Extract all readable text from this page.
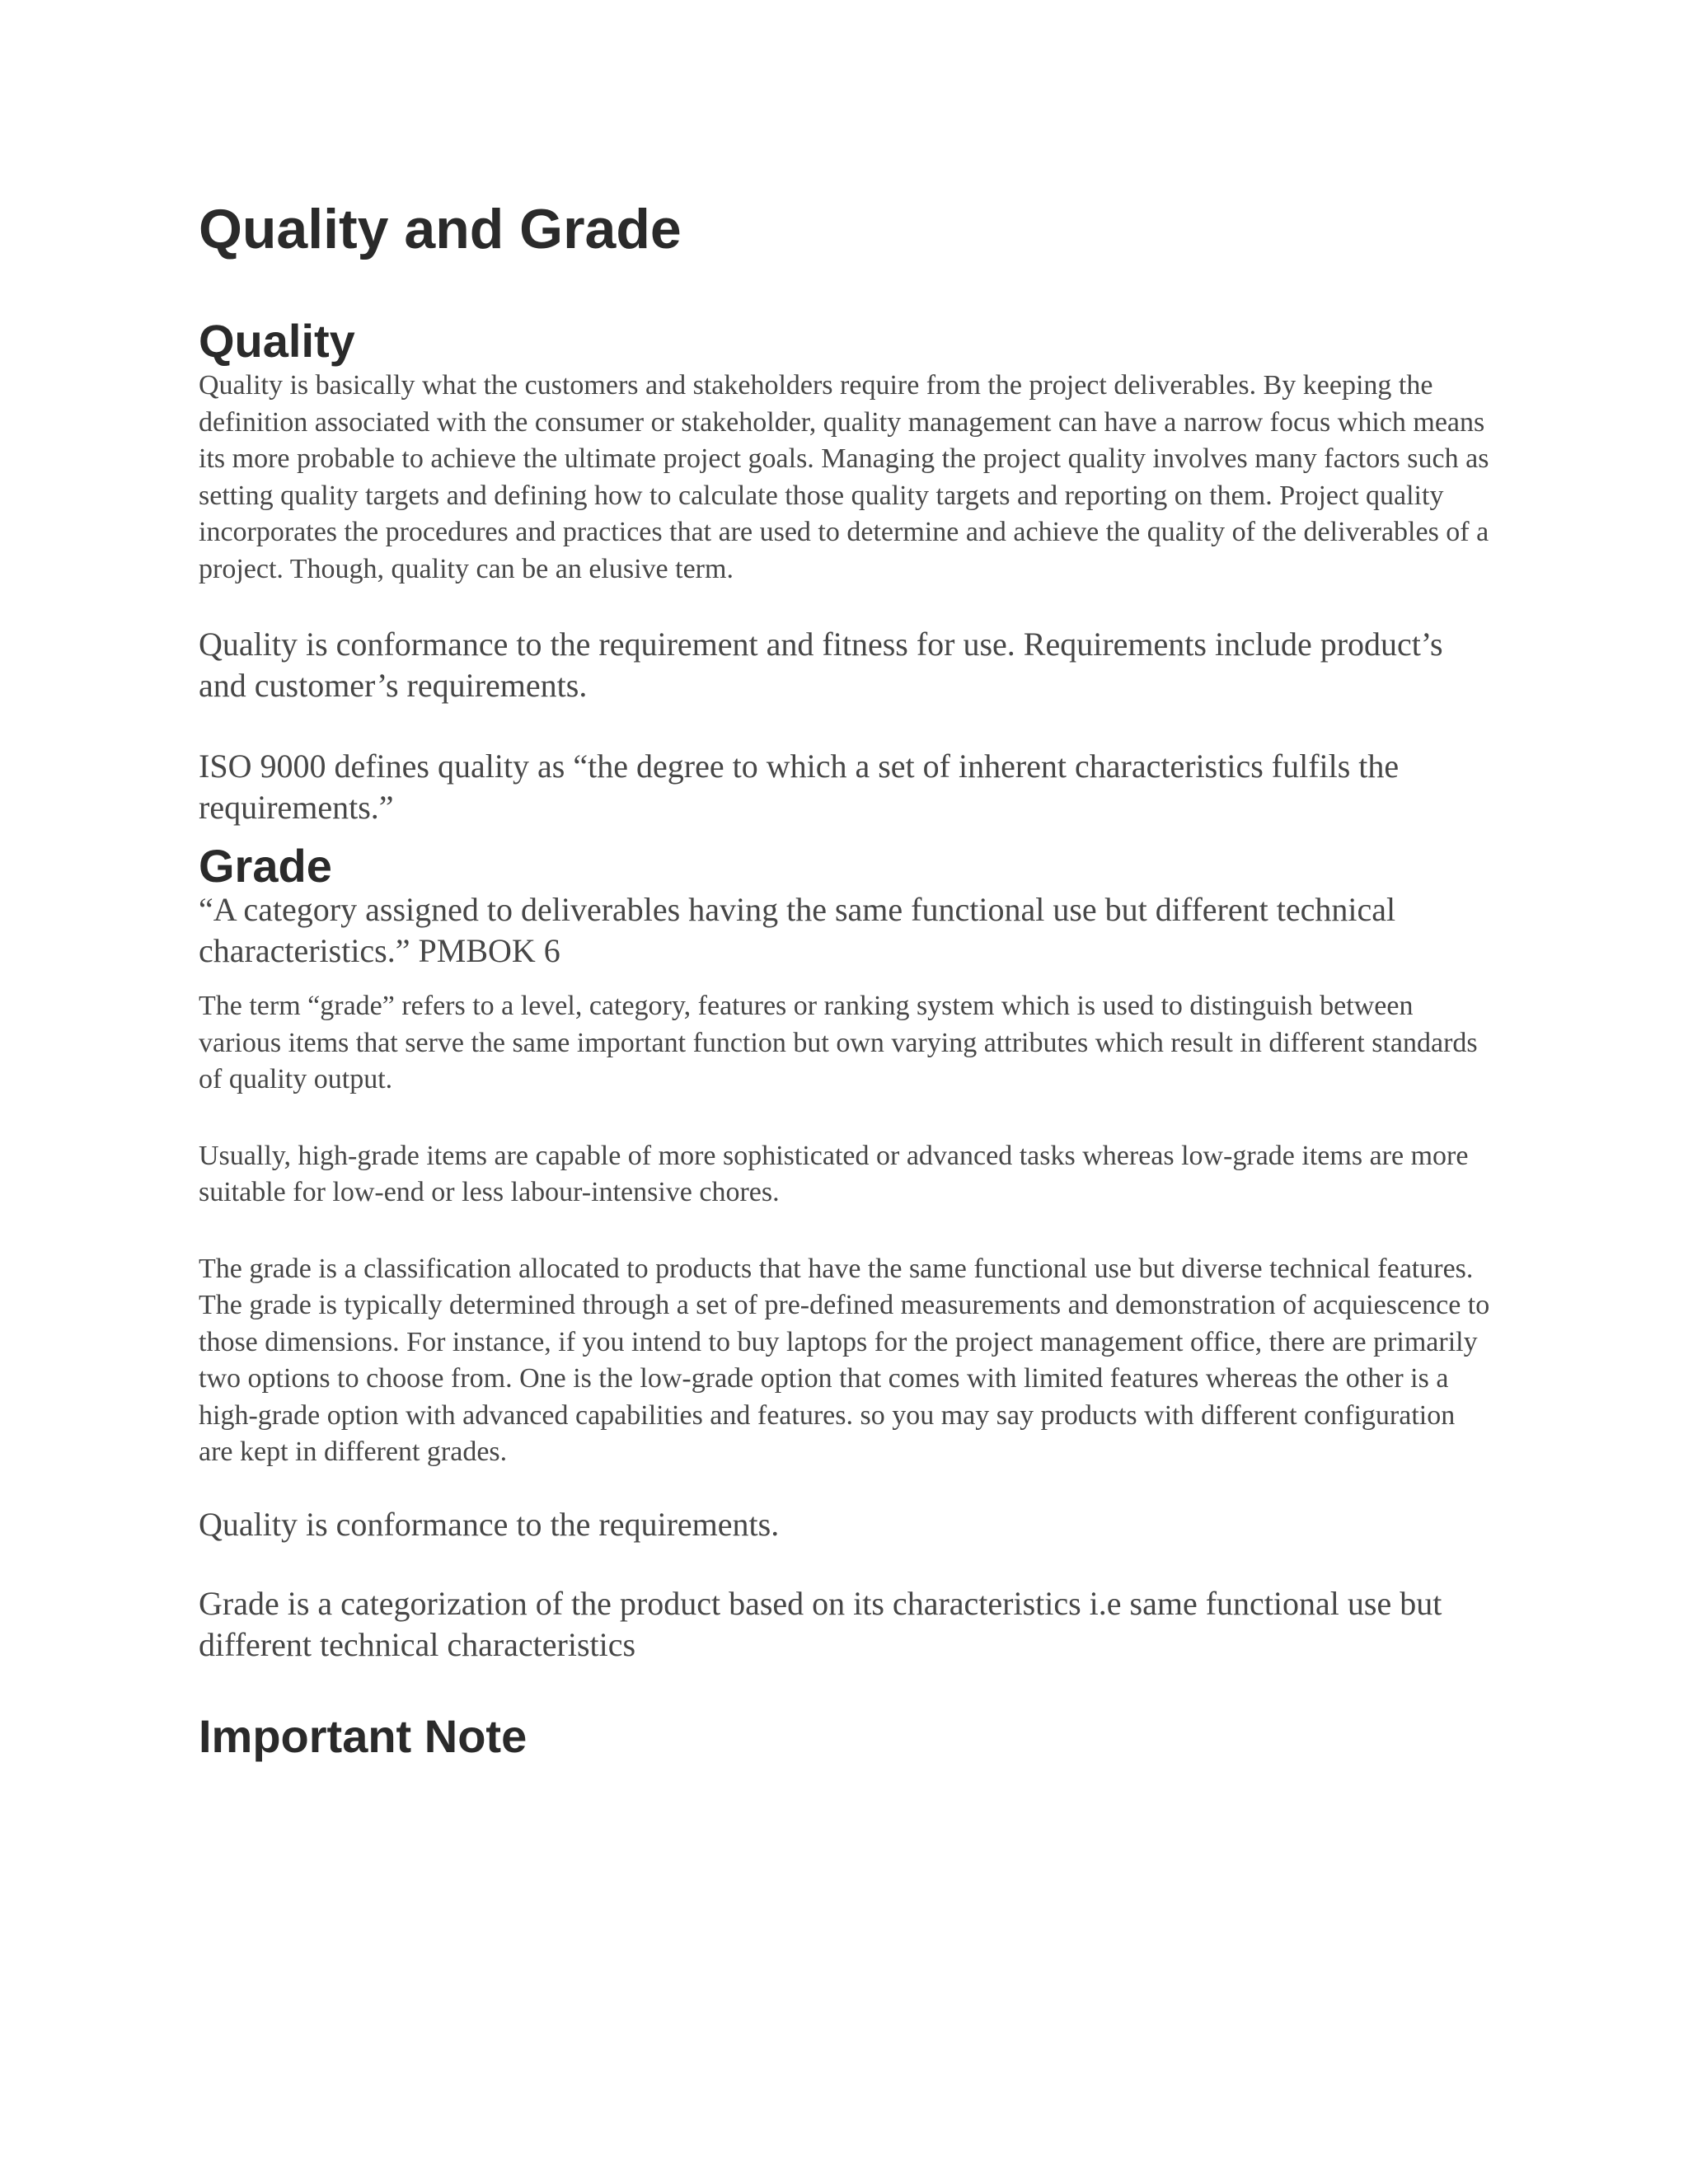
Quality and Grade
Quality

Quality is basically what the customers and stakeholders require from the project deliverables. By keeping the definition associated with the consumer or stakeholder, quality management can have a narrow focus which means its more probable to achieve the ultimate project goals. Managing the project quality involves many factors such as setting quality targets and defining how to calculate those quality targets and reporting on them. Project quality incorporates the procedures and practices that are used to determine and achieve the quality of the deliverables of a project. Though, quality can be an elusive term.

Quality is conformance to the requirement and fitness for use. Requirements include product’s and customer’s requirements.

ISO 9000 defines quality as “the degree to which a set of inherent characteristics fulfils the requirements.”

Grade

“A category assigned to deliverables having the same functional use but different technical characteristics.” PMBOK 6

The term “grade” refers to a level, category, features or ranking system which is used to distinguish between various items that serve the same important function but own varying attributes which result in different standards of quality output.

Usually, high-grade items are capable of more sophisticated or advanced tasks whereas low-grade items are more suitable for low-end or less labour-intensive chores.

The grade is a classification allocated to products that have the same functional use but diverse technical features. The grade is typically determined through a set of pre-defined measurements and demonstration of acquiescence to those dimensions. For instance, if you intend to buy laptops for the project management office, there are primarily two options to choose from. One is the low-grade option that comes with limited features whereas the other is a high-grade option with advanced capabilities and features. so you may say products with different configuration are kept in different grades.

Quality is conformance to the requirements.

Grade is a categorization of the product based on its characteristics i.e same functional use but different technical characteristics

Important Note
